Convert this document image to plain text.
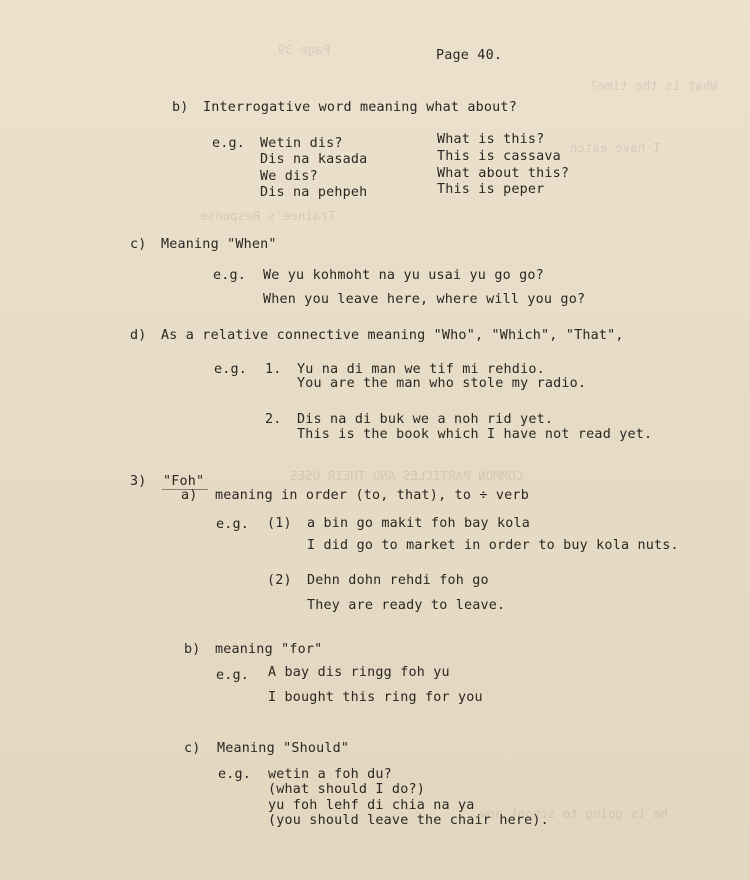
Page 39.
What is the time?
I have eaten
Trainee's Response
COMMON PARTICLES AND THEIR USES
he is going to school now
Page 40.
b) Interrogative word meaning what about?
e.g. Wetin dis?	What is this?
Dis na kasada	This is cassava
We dis?	What about this?
Dis na pehpeh	This is peper
c) Meaning "When"
e.g. We yu kohmoht na yu usai yu go go?
When you leave here, where will you go?
d) As a relative connective meaning "Who", "Which", "That",
e.g. 1. Yu na di man we tif mi rehdio.
You are the man who stole my radio.
2. Dis na di buk we a noh rid yet.
This is the book which I have not read yet.
3) "Foh"
a) meaning in order (to, that), to ÷ verb
e.g. (1) a bin go makit foh bay kola
I did go to market in order to buy kola nuts.
(2) Dehn dohn rehdi foh go
They are ready to leave.
b) meaning "for"
e.g. A bay dis ringg foh yu
I bought this ring for you
c) Meaning "Should"
e.g. wetin a foh du?
(what should I do?)
yu foh lehf di chia na ya
(you should leave the chair here).
